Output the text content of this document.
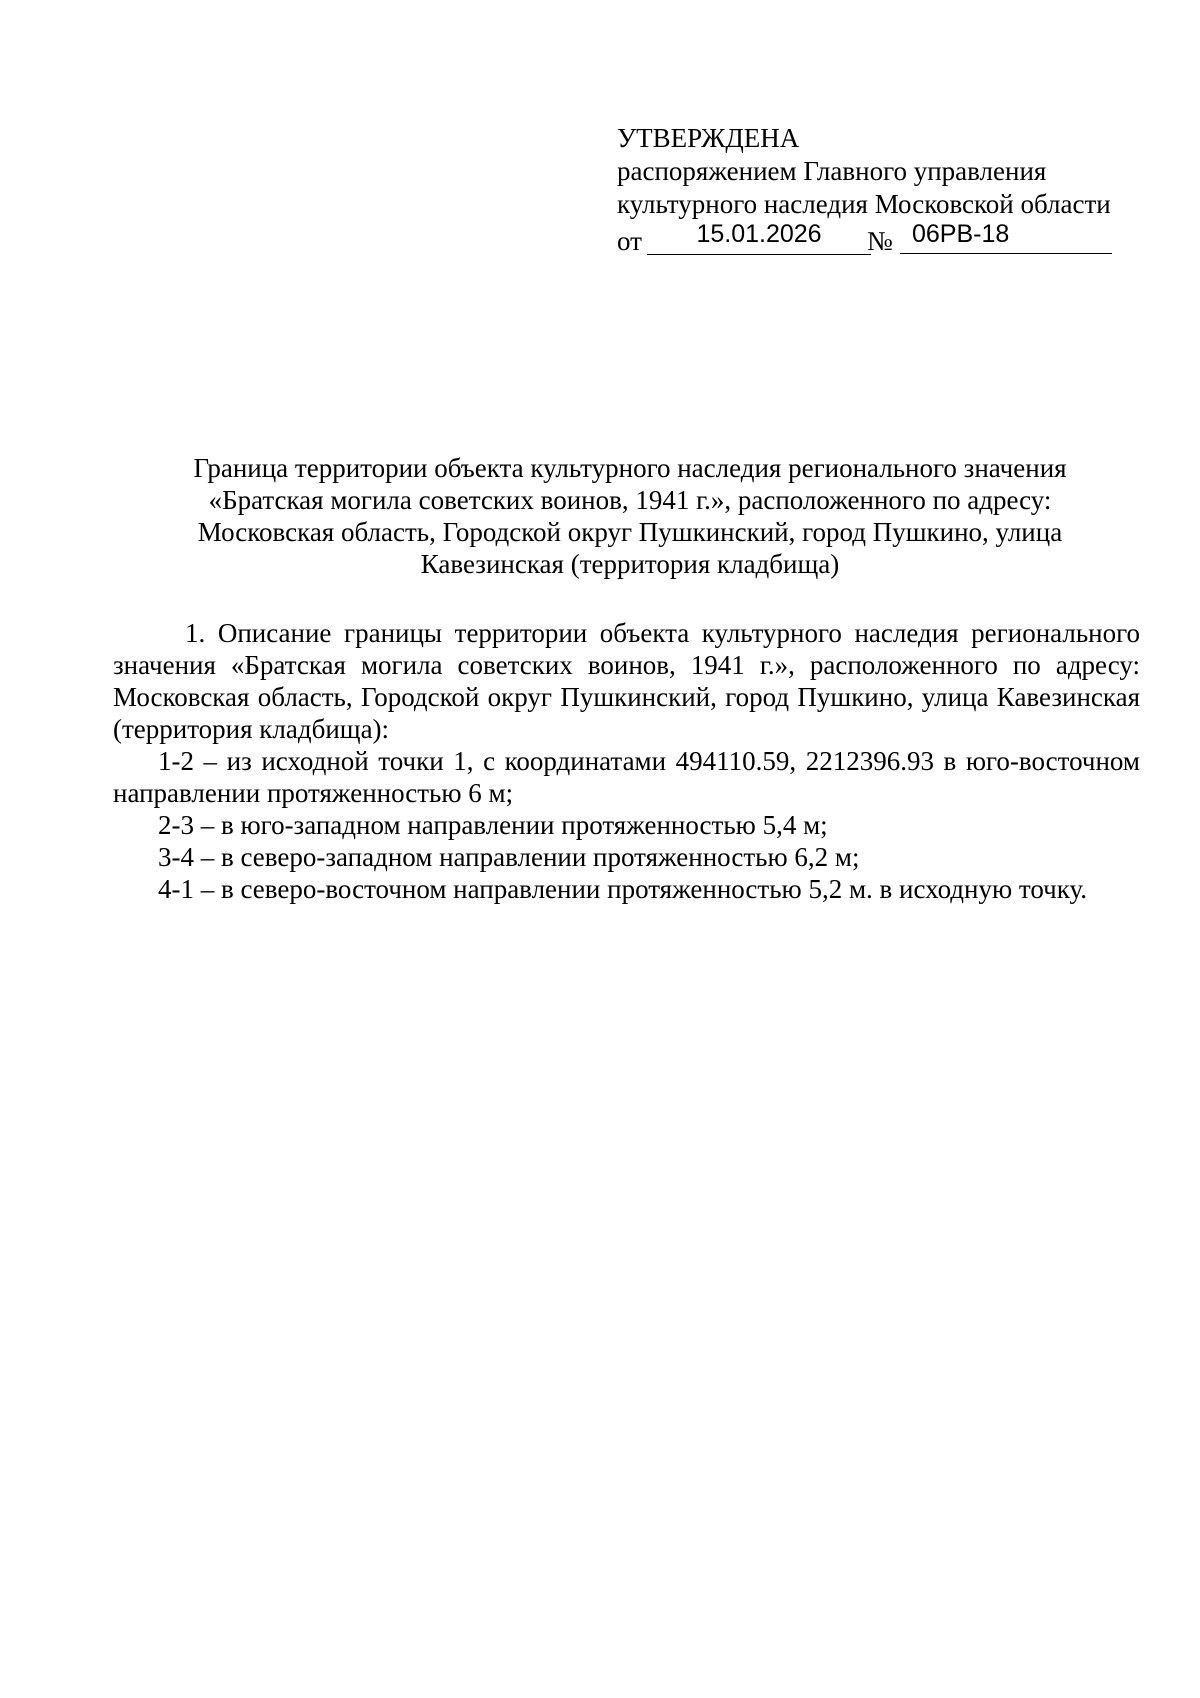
УТВЕРЖДЕНА
распоряжением Главного управления
культурного наследия Московской области
от	15.01.2026	№ 06РВ-18
Граница территории объекта культурного наследия регионального значения
«Братская могила советских воинов, 1941 г.», расположенного по адресу:
Московская область, Городской округ Пушкинский, город Пушкино, улица
Кавезинская (территория кладбища)

1. Описание границы территории объекта культурного наследия регионального значения «Братская могила советских воинов, 1941 г.», расположенного по адресу: Московская область, Городской округ Пушкинский, город Пушкино, улица Кавезинская (территория кладбища):

1-2 – из исходной точки 1, с координатами 494110.59, 2212396.93 в юго-восточном направлении протяженностью 6 м;

2-3 – в юго-западном направлении протяженностью 5,4 м;

3-4 – в северо-западном направлении протяженностью 6,2 м;

4-1 – в северо-восточном направлении протяженностью 5,2 м. в исходную точку.
